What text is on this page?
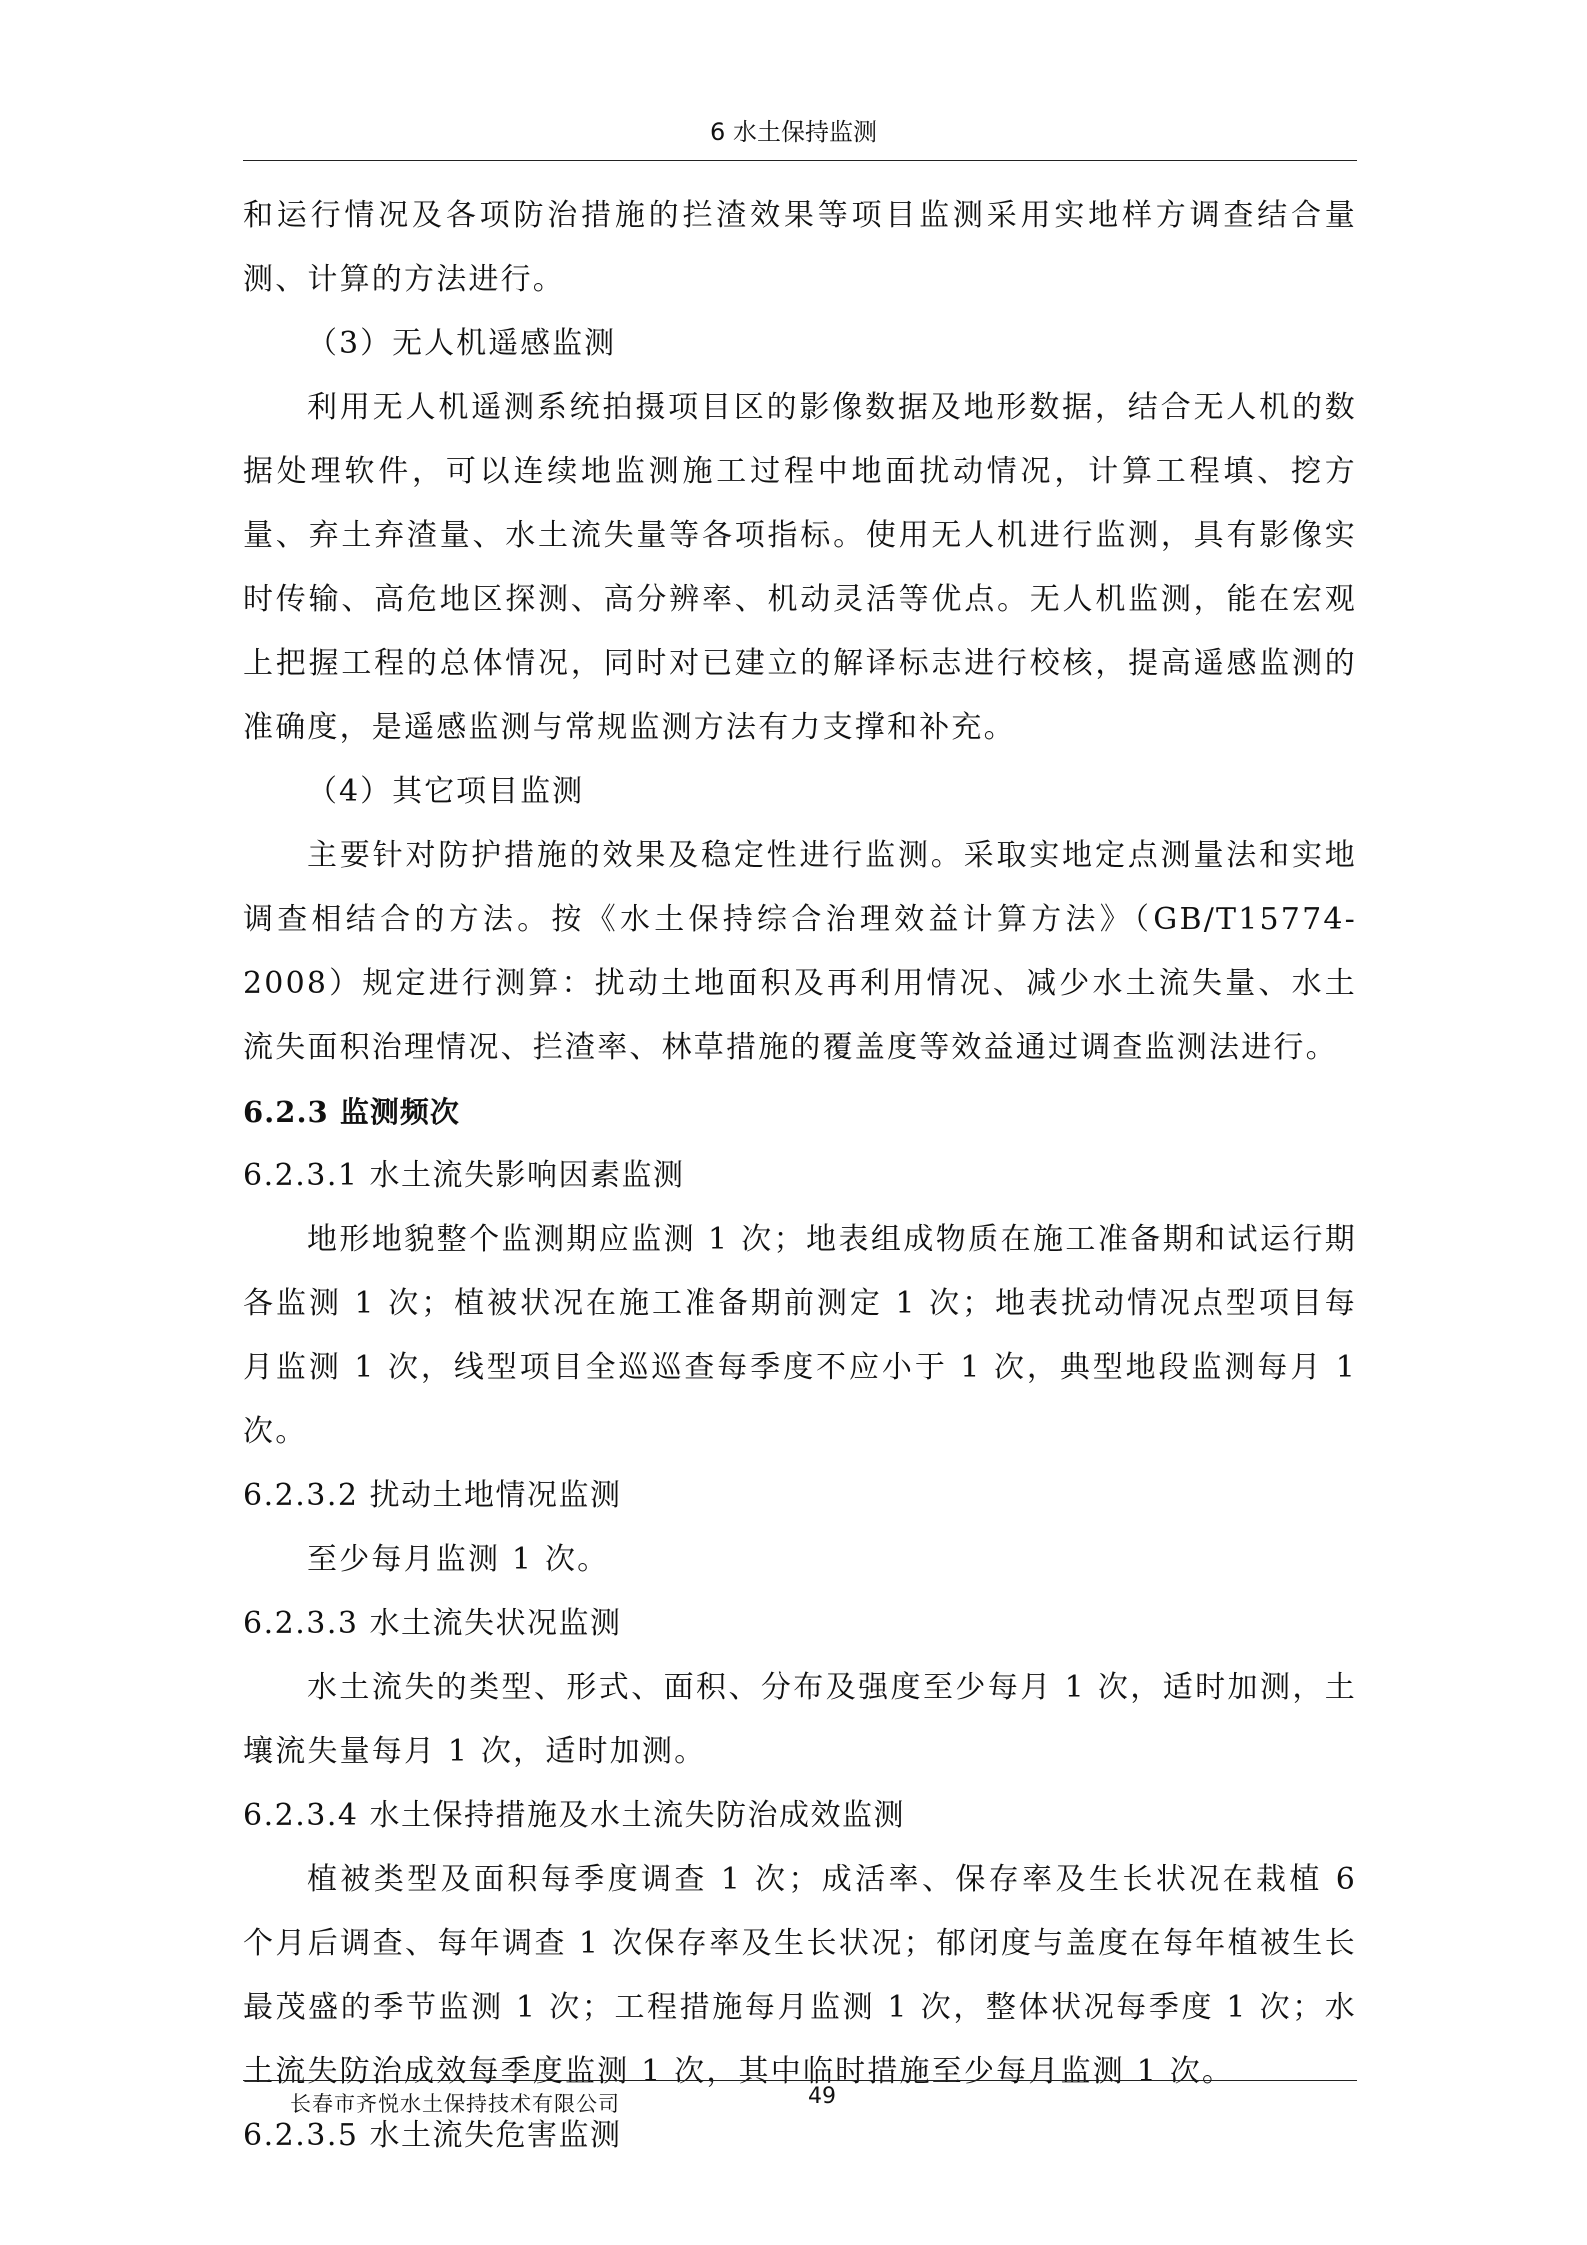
6 水土保持监测

和运行情况及各项防治措施的拦渣效果等项目监测采用实地样方调查结合量测、计算的方法进行。

（3）无人机遥感监测

利用无人机遥测系统拍摄项目区的影像数据及地形数据，结合无人机的数据处理软件，可以连续地监测施工过程中地面扰动情况，计算工程填、挖方量、弃土弃渣量、水土流失量等各项指标。使用无人机进行监测，具有影像实时传输、高危地区探测、高分辨率、机动灵活等优点。无人机监测，能在宏观上把握工程的总体情况，同时对已建立的解译标志进行校核，提高遥感监测的准确度，是遥感监测与常规监测方法有力支撑和补充。

（4）其它项目监测

主要针对防护措施的效果及稳定性进行监测。采取实地定点测量法和实地调查相结合的方法。按《水土保持综合治理效益计算方法》（GB/T15774-2008）规定进行测算：扰动土地面积及再利用情况、减少水土流失量、水土流失面积治理情况、拦渣率、林草措施的覆盖度等效益通过调查监测法进行。

6.2.3 监测频次

6.2.3.1 水土流失影响因素监测

地形地貌整个监测期应监测 1 次；地表组成物质在施工准备期和试运行期各监测 1 次；植被状况在施工准备期前测定 1 次；地表扰动情况点型项目每月监测 1 次，线型项目全巡巡查每季度不应小于 1 次，典型地段监测每月 1 次。

6.2.3.2 扰动土地情况监测

至少每月监测 1 次。

6.2.3.3 水土流失状况监测

水土流失的类型、形式、面积、分布及强度至少每月 1 次，适时加测，土壤流失量每月 1 次，适时加测。

6.2.3.4 水土保持措施及水土流失防治成效监测

植被类型及面积每季度调查 1 次；成活率、保存率及生长状况在栽植 6 个月后调查、每年调查 1 次保存率及生长状况；郁闭度与盖度在每年植被生长最茂盛的季节监测 1 次；工程措施每月监测 1 次，整体状况每季度 1 次；水土流失防治成效每季度监测 1 次，其中临时措施至少每月监测 1 次。

6.2.3.5 水土流失危害监测

长春市齐悦水土保持技术有限公司	49
